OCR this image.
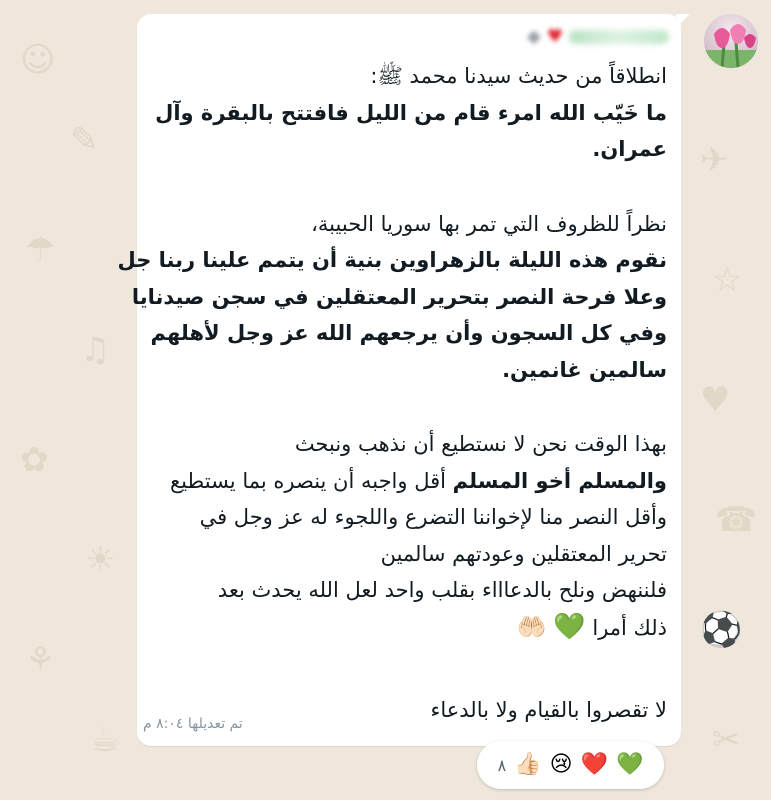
☺
✎
☂
♫
✿
☀
⚘
☕
✈
☆
♥
☎
⚽
✂
♥
◆
انطلاقاً من حديث سيدنا محمد ﷺ:
ما خَيّب الله امرء قام من الليل فافتتح بالبقرة وآل
عمران.
نظراً للظروف التي تمر بها سوريا الحبيبة،
نقوم هذه الليلة بالزهراوين بنية أن يتمم علينا ربنا جل
وعلا فرحة النصر بتحرير المعتقلين في سجن صيدنايا
وفي كل السجون وأن يرجعهم الله عز وجل لأهلهم
سالمين غانمين.
بهذا الوقت نحن لا نستطيع أن نذهب ونبحث
والمسلم أخو المسلم أقل واجبه أن ينصره بما يستطيع
وأقل النصر منا لإخواننا التضرع واللجوء له عز وجل في
تحرير المعتقلين وعودتهم سالمين
فلننهض ونلح بالدعاااء بقلب واحد لعل الله يحدث بعد
ذلك أمرا 💚 🤲🏻
لا تقصروا بالقيام ولا بالدعاء
تم تعديلها ٨:٠٤ م
💚
❤️
😢
👍🏻
٨
